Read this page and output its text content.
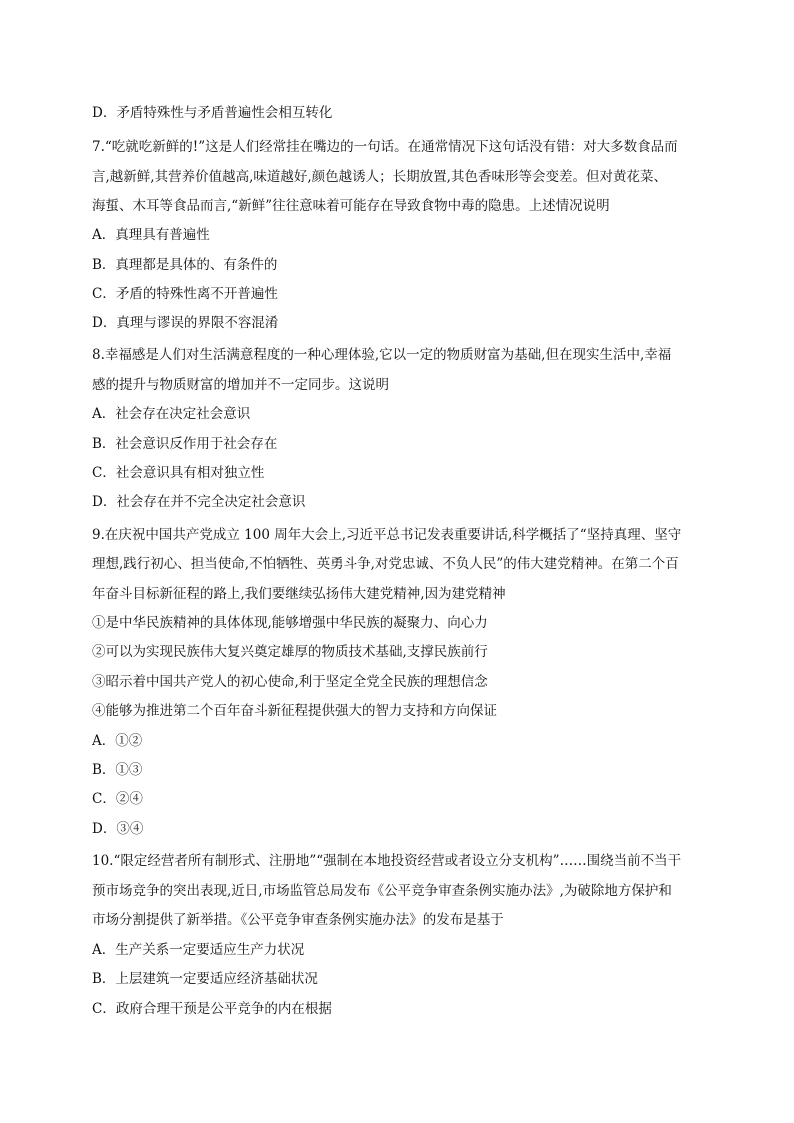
D．矛盾特殊性与矛盾普遍性会相互转化
7.“吃就吃新鲜的!”这是人们经常挂在嘴边的一句话。在通常情况下这句话没有错：对大多数食品而
言,越新鲜,其营养价值越高,味道越好,颜色越诱人；长期放置,其色香味形等会变差。但对黄花菜、
海蜇、木耳等食品而言,“新鲜”往往意味着可能存在导致食物中毒的隐患。上述情况说明
A．真理具有普遍性
B．真理都是具体的、有条件的
C．矛盾的特殊性离不开普遍性
D．真理与谬误的界限不容混淆
8.幸福感是人们对生活满意程度的一种心理体验,它以一定的物质财富为基础,但在现实生活中,幸福
感的提升与物质财富的增加并不一定同步。这说明
A．社会存在决定社会意识
B．社会意识反作用于社会存在
C．社会意识具有相对独立性
D．社会存在并不完全决定社会意识
9.在庆祝中国共产党成立 100 周年大会上,习近平总书记发表重要讲话,科学概括了“坚持真理、坚守
理想,践行初心、担当使命,不怕牺牲、英勇斗争,对党忠诚、不负人民”的伟大建党精神。在第二个百
年奋斗目标新征程的路上,我们要继续弘扬伟大建党精神,因为建党精神
①是中华民族精神的具体体现,能够增强中华民族的凝聚力、向心力
②可以为实现民族伟大复兴奠定雄厚的物质技术基础,支撑民族前行
③昭示着中国共产党人的初心使命,利于坚定全党全民族的理想信念
④能够为推进第二个百年奋斗新征程提供强大的智力支持和方向保证
A．①②
B．①③
C．②④
D．③④
10.“限定经营者所有制形式、注册地”“强制在本地投资经营或者设立分支机构”……围绕当前不当干
预市场竞争的突出表现,近日,市场监管总局发布《公平竞争审查条例实施办法》,为破除地方保护和
市场分割提供了新举措。《公平竞争审查条例实施办法》的发布是基于
A．生产关系一定要适应生产力状况
B．上层建筑一定要适应经济基础状况
C．政府合理干预是公平竞争的内在根据
